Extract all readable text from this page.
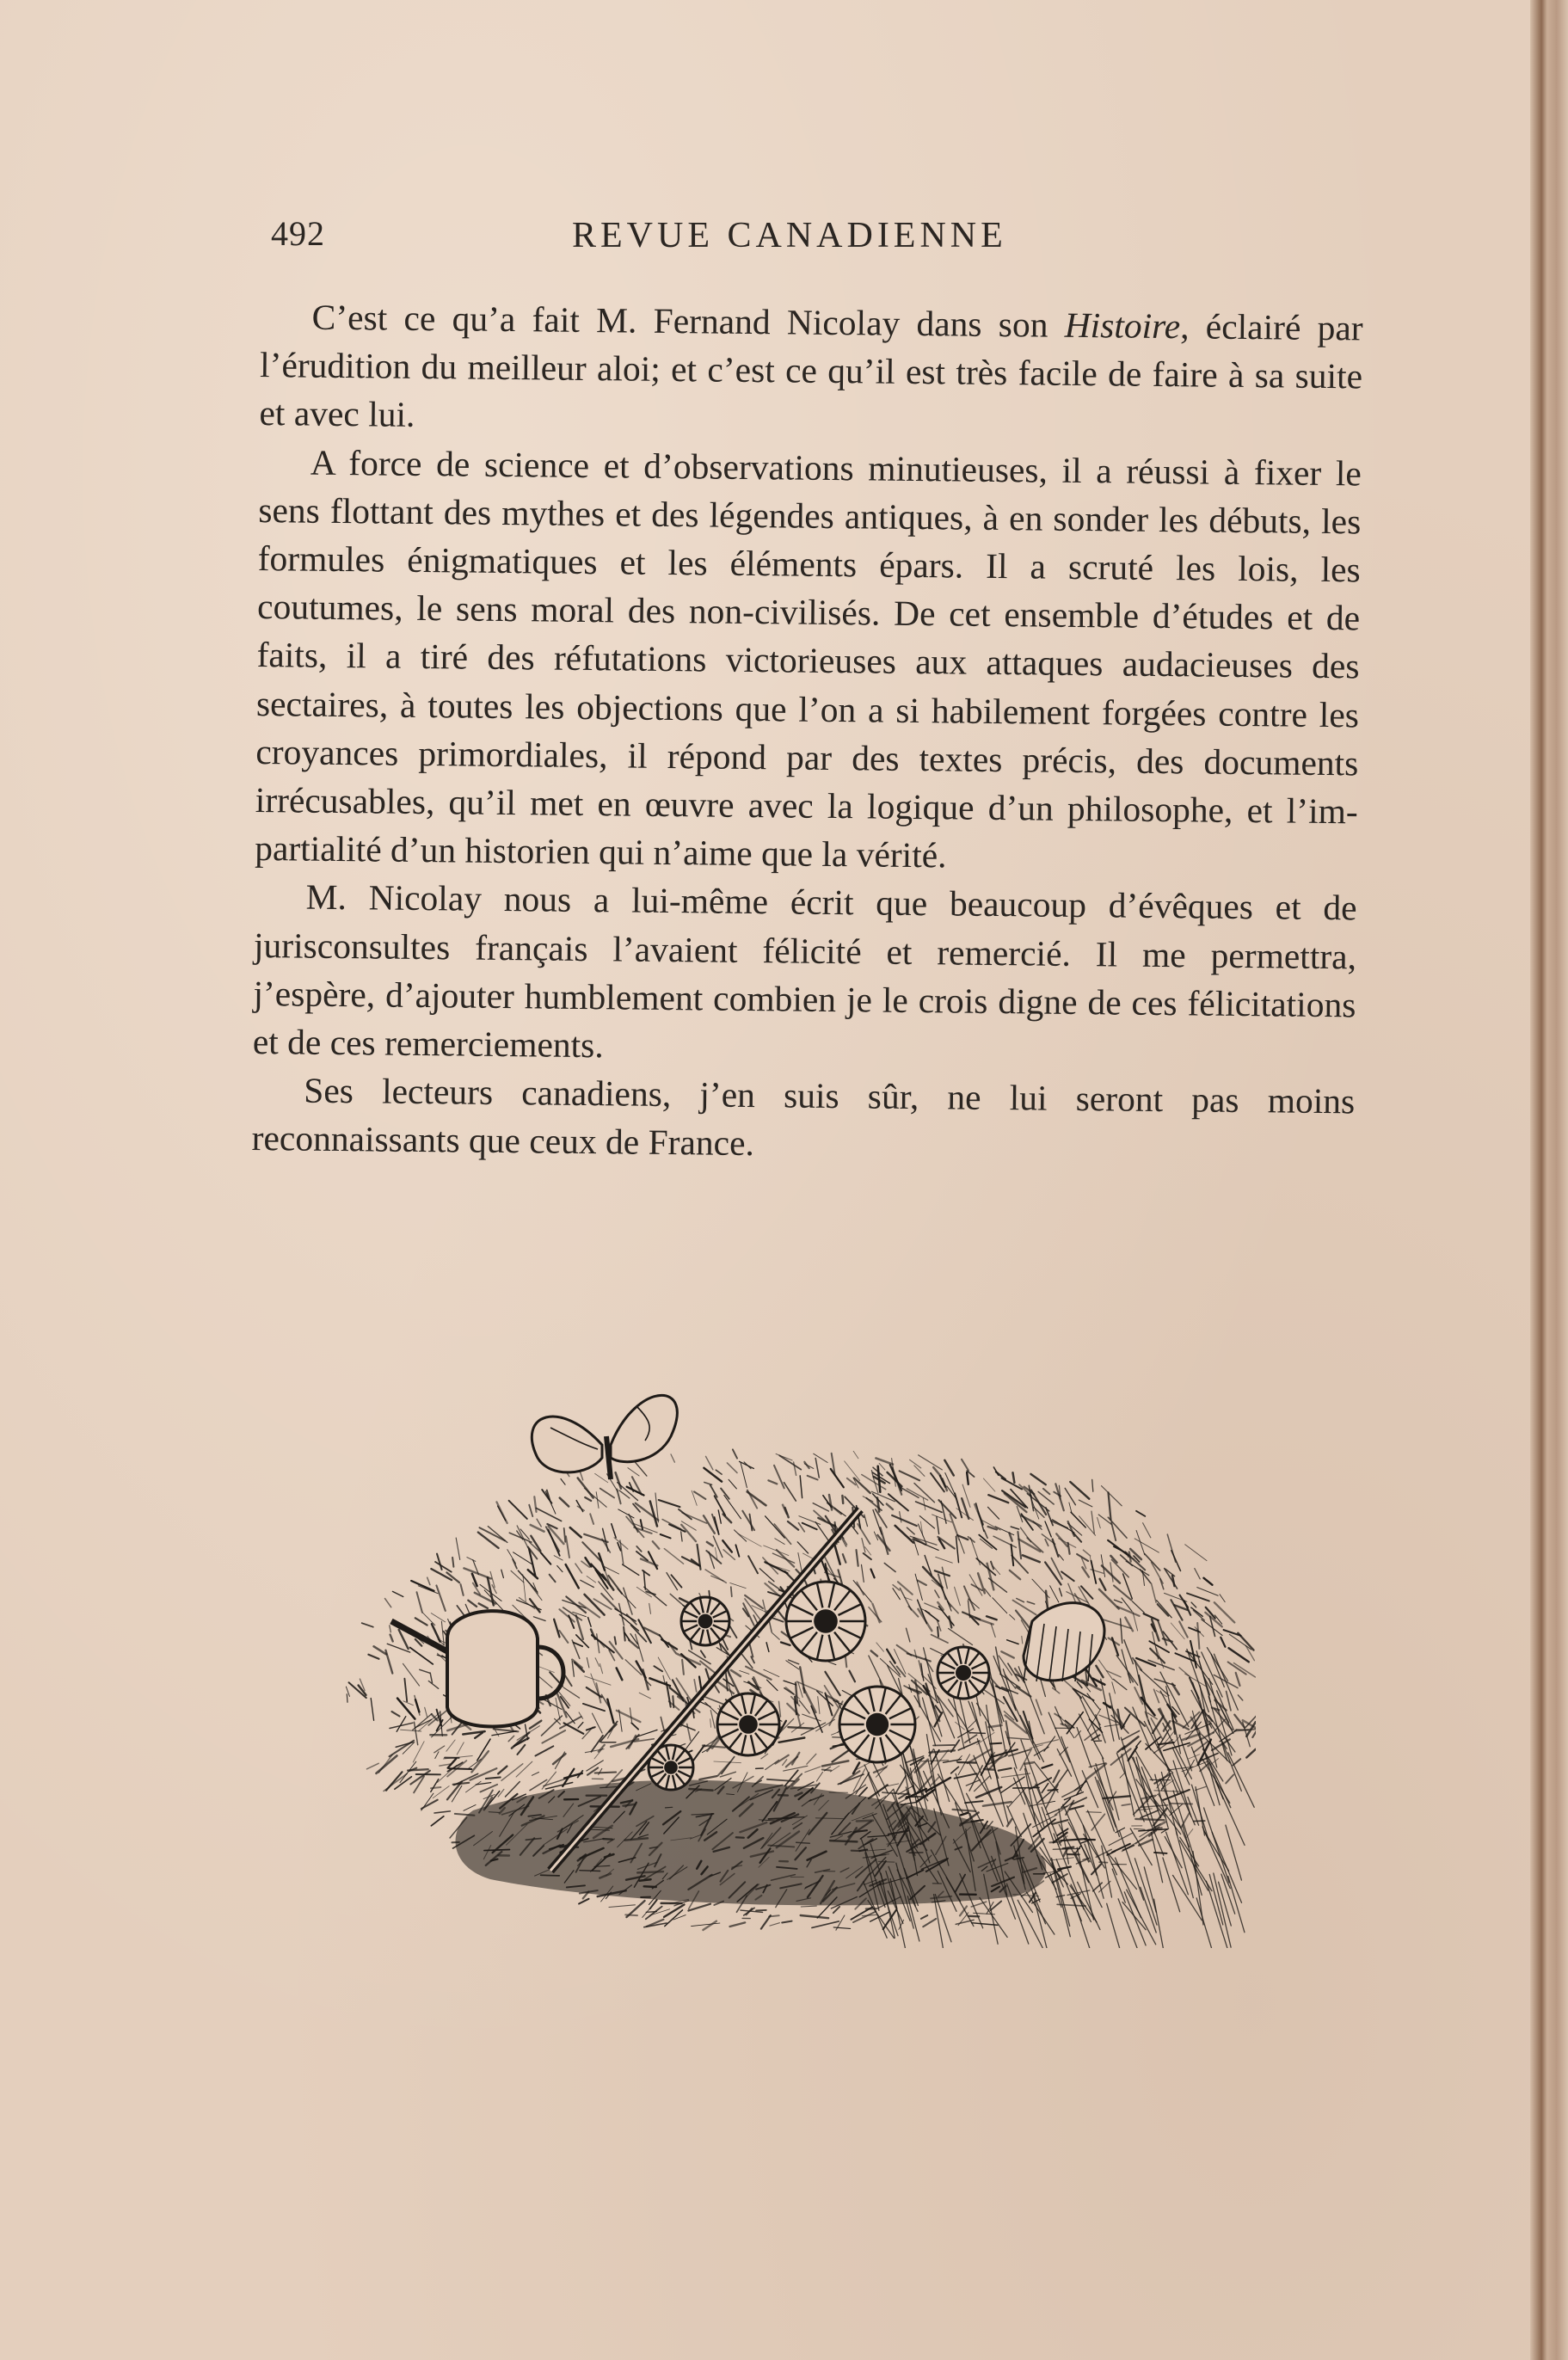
492	REVUE CANADIENNE

C’est ce qu’a fait M. Fernand Nicolay dans son Histoire, éclairé par l’érudition du meilleur aloi; et c’est ce qu’il est très facile de faire à sa suite et avec lui.

A force de science et d’observations minutieuses, il a réussi à fixer le sens flottant des mythes et des légendes antiques, à en sonder les débuts, les formules énigmatiques et les éléments épars. Il a scruté les lois, les coutumes, le sens moral des non-civilisés. De cet ensemble d’études et de faits, il a tiré des réfutations victorieuses aux attaques audacieuses des sectaires, à toutes les objections que l’on a si habilement forgées contre les croyances primordiales, il répond par des textes précis, des documents irrécusables, qu’il met en œuvre avec la logique d’un philosophe, et l’impartialité d’un historien qui n’aime que la vérité.

M. Nicolay nous a lui-même écrit que beaucoup d’évêques et de jurisconsultes français l’avaient félicité et remercié. Il me permettra, j’espère, d’ajouter humblement combien je le crois digne de ces félicitations et de ces remerciements.

Ses lecteurs canadiens, j’en suis sûr, ne lui seront pas moins reconnaissants que ceux de France.
